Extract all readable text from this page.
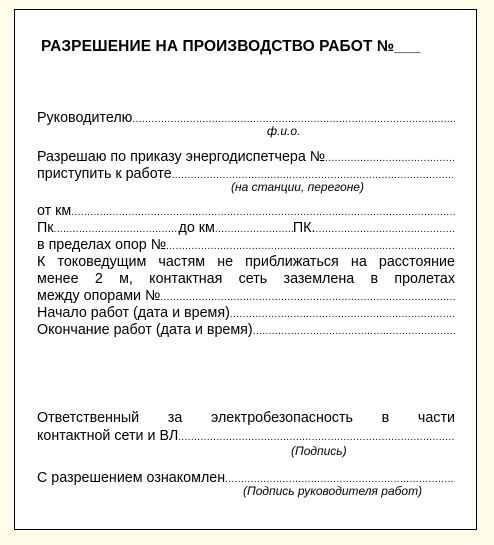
РАЗРЕШЕНИЕ НА ПРОИЗВОДСТВО РАБОТ №___
Руководителю
.....
ф.и.о.
Разрешаю по приказу энергодиспетчера №
.....
приступить к работе
.....
(на станции, перегоне)
от км
.....
Пк .....	до км .....	ПК.
.....
в пределах опор №
.....
К токоведущим частям не приближаться на расстояние
менее 2 м, контактная сеть заземлена в пролетах
между опорами №
.....
Начало работ (дата и время)
.....
Окончание работ (дата и время)
.....
Ответственный за электробезопасность в части
контактной сети и ВЛ
.....
(Подпись)
С разрешением ознакомлен
.....
(Подпись руководителя работ)
